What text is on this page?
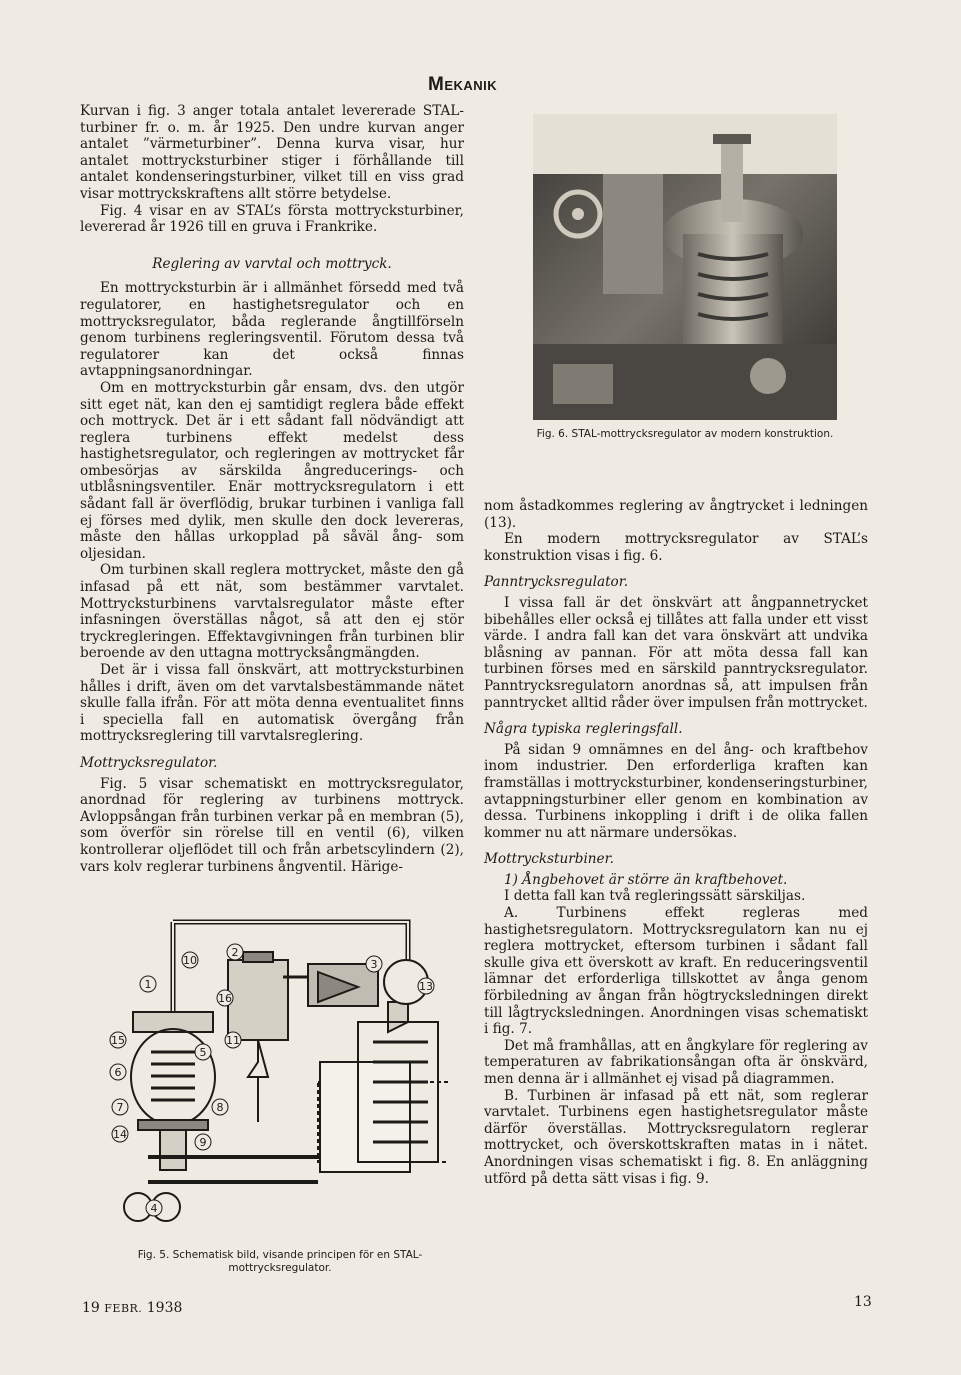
Mekanik

Kurvan i fig. 3 anger totala antalet levererade STAL-turbiner fr. o. m. år 1925. Den undre kurvan anger antalet ”värmeturbiner”. Denna kurva visar, hur antalet mottrycksturbiner stiger i förhållande till antalet kondenseringsturbiner, vilket till en viss grad visar mottryckskraftens allt större betydelse.

Fig. 4 visar en av STAL’s första mottrycksturbiner, levererad år 1926 till en gruva i Frankrike.

Reglering av varvtal och mottryck.

En mottrycksturbin är i allmänhet försedd med två regulatorer, en hastighetsregulator och en mottrycksregulator, båda reglerande ångtillförseln genom turbinens regleringsventil. Förutom dessa två regulatorer kan det också finnas avtappningsanordningar.

Om en mottrycksturbin går ensam, dvs. den utgör sitt eget nät, kan den ej samtidigt reglera både effekt och mottryck. Det är i ett sådant fall nödvändigt att reglera turbinens effekt medelst dess hastighetsregulator, och regleringen av mottrycket får ombesörjas av särskilda ångreducerings- och utblåsningsventiler. Enär mottrycksregulatorn i ett sådant fall är överflödig, brukar turbinen i vanliga fall ej förses med dylik, men skulle den dock levereras, måste den hållas urkopplad på såväl ång- som oljesidan.

Om turbinen skall reglera mottrycket, måste den gå infasad på ett nät, som bestämmer varvtalet. Mottrycksturbinens varvtalsregulator måste efter infasningen överställas något, så att den ej stör tryckregleringen. Effektavgivningen från turbinen blir beroende av den uttagna mottrycksångmängden.

Det är i vissa fall önskvärt, att mottrycksturbinen hålles i drift, även om det varvtalsbestämmande nätet skulle falla ifrån. För att möta denna eventualitet finns i speciella fall en automatisk övergång från mottrycksreglering till varvtalsreglering.

Mottrycksregulator.

Fig. 5 visar schematiskt en mottrycksregulator, anordnad för reglering av turbinens mottryck. Avloppsångan från turbinen verkar på en membran (5), som överför sin rörelse till en ventil (6), vilken kontrollerar oljeflödet till och från arbetscylindern (2), vars kolv reglerar turbinens ångventil. Härige-

Fig. 6. STAL-mottrycksregulator av modern konstruktion.

nom åstadkommes reglering av ångtrycket i ledningen (13).

En modern mottrycksregulator av STAL’s konstruktion visas i fig. 6.

Panntrycksregulator.

I vissa fall är det önskvärt att ångpannetrycket bibehålles eller också ej tillåtes att falla under ett visst värde. I andra fall kan det vara önskvärt att undvika blåsning av pannan. För att möta dessa fall kan turbinen förses med en särskild panntrycksregulator. Panntrycksregulatorn anordnas så, att impulsen från panntrycket alltid råder över impulsen från mottrycket.

Några typiska regleringsfall.

På sidan 9 omnämnes en del ång- och kraftbehov inom industrier. Den erforderliga kraften kan framställas i mottrycksturbiner, kondenseringsturbiner, avtappningsturbiner eller genom en kombination av dessa. Turbinens inkoppling i drift i de olika fallen kommer nu att närmare undersökas.

Mottrycksturbiner.

1) Ångbehovet är större än kraftbehovet.

I detta fall kan två regleringssätt särskiljas.

A. Turbinens effekt regleras med hastighetsregulatorn. Mottrycksregulatorn kan nu ej reglera mottrycket, eftersom turbinen i sådant fall skulle giva ett överskott av kraft. En reduceringsventil lämnar det erforderliga tillskottet av ånga genom förbiledning av ångan från högtrycksledningen direkt till lågtrycksledningen. Anordningen visas schematiskt i fig. 7.

Det må framhållas, att en ångkylare för reglering av temperaturen av fabrikationsångan ofta är önskvärd, men denna är i allmänhet ej visad på diagrammen.

B. Turbinen är infasad på ett nät, som reglerar varvtalet. Turbinens egen hastighetsregulator måste därför överställas. Mottrycksregulatorn reglerar mottrycket, och överskottskraften matas in i nätet. Anordningen visas schematiskt i fig. 8. En anläggning utförd på detta sätt visas i fig. 9.

1
2
3
4
5
6
7	8
9
10
11
13
14
15
16
Fig. 5. Schematisk bild, visande principen för en STAL-mottrycksregulator.
19 FEBR. 1938	13
